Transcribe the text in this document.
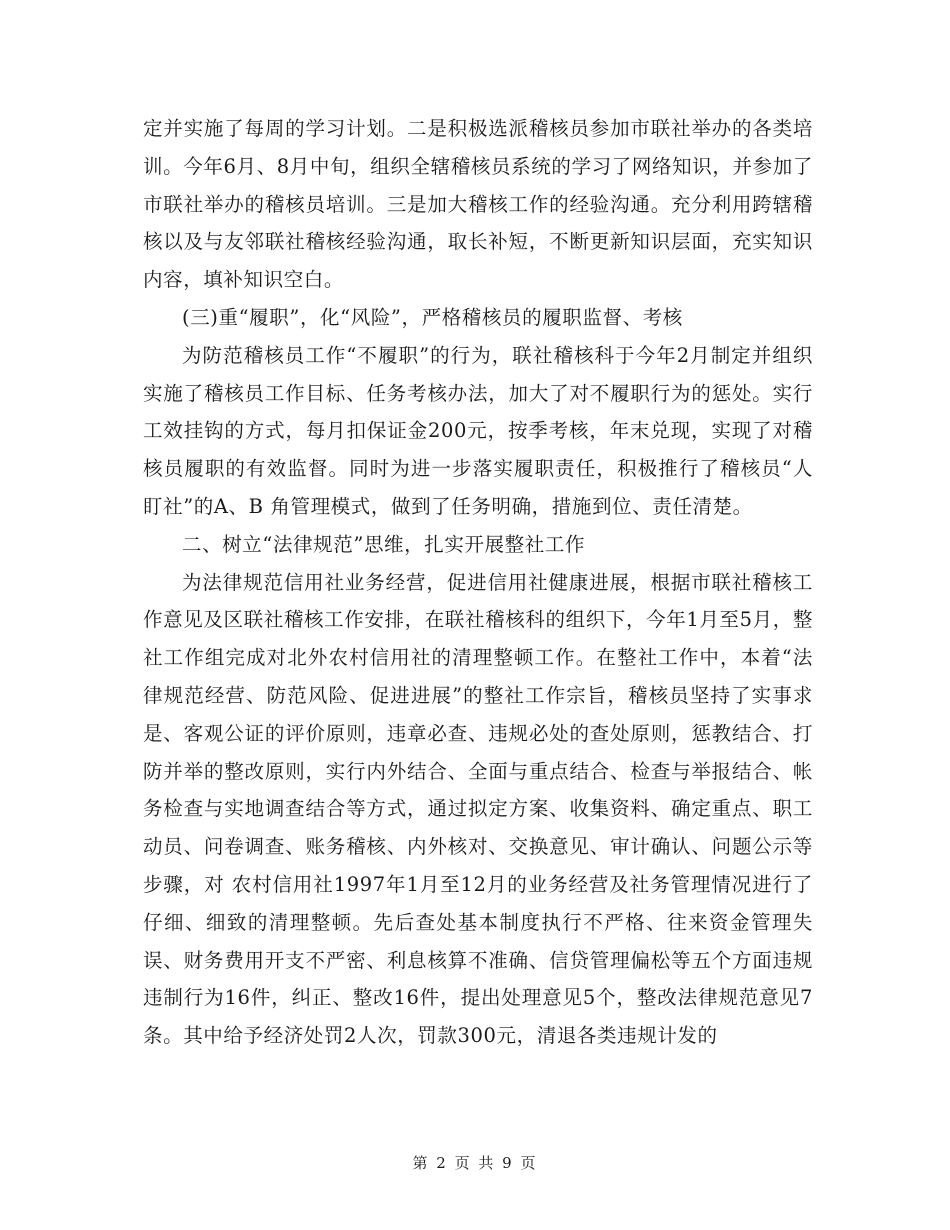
定并实施了每周的学习计划。二是积极选派稽核员参加市联社举办的各类培训。今年6月、8月中旬，组织全辖稽核员系统的学习了网络知识，并参加了市联社举办的稽核员培训。三是加大稽核工作的经验沟通。充分利用跨辖稽核以及与友邻联社稽核经验沟通，取长补短，不断更新知识层面，充实知识内容，填补知识空白。

(三)重“履职”，化“风险”，严格稽核员的履职监督、考核

为防范稽核员工作“不履职”的行为，联社稽核科于今年2月制定并组织实施了稽核员工作目标、任务考核办法，加大了对不履职行为的惩处。实行工效挂钩的方式，每月扣保证金200元，按季考核，年末兑现，实现了对稽核员履职的有效监督。同时为进一步落实履职责任，积极推行了稽核员“人盯社”的A、B 角管理模式，做到了任务明确，措施到位、责任清楚。

二、树立“法律规范”思维，扎实开展整社工作

为法律规范信用社业务经营，促进信用社健康进展，根据市联社稽核工作意见及区联社稽核工作安排，在联社稽核科的组织下，今年1月至5月，整社工作组完成对北外农村信用社的清理整顿工作。在整社工作中，本着“法律规范经营、防范风险、促进进展”的整社工作宗旨，稽核员坚持了实事求是、客观公证的评价原则，违章必查、违规必处的查处原则，惩教结合、打防并举的整改原则，实行内外结合、全面与重点结合、检查与举报结合、帐务检查与实地调查结合等方式，通过拟定方案、收集资料、确定重点、职工动员、问卷调查、账务稽核、内外核对、交换意见、审计确认、问题公示等步骤，对 农村信用社1997年1月至12月的业务经营及社务管理情况进行了仔细、细致的清理整顿。先后查处基本制度执行不严格、往来资金管理失误、财务费用开支不严密、利息核算不准确、信贷管理偏松等五个方面违规违制行为16件，纠正、整改16件，提出处理意见5个，整改法律规范意见7条。其中给予经济处罚2人次，罚款300元，清退各类违规计发的

第 2 页 共 9 页
